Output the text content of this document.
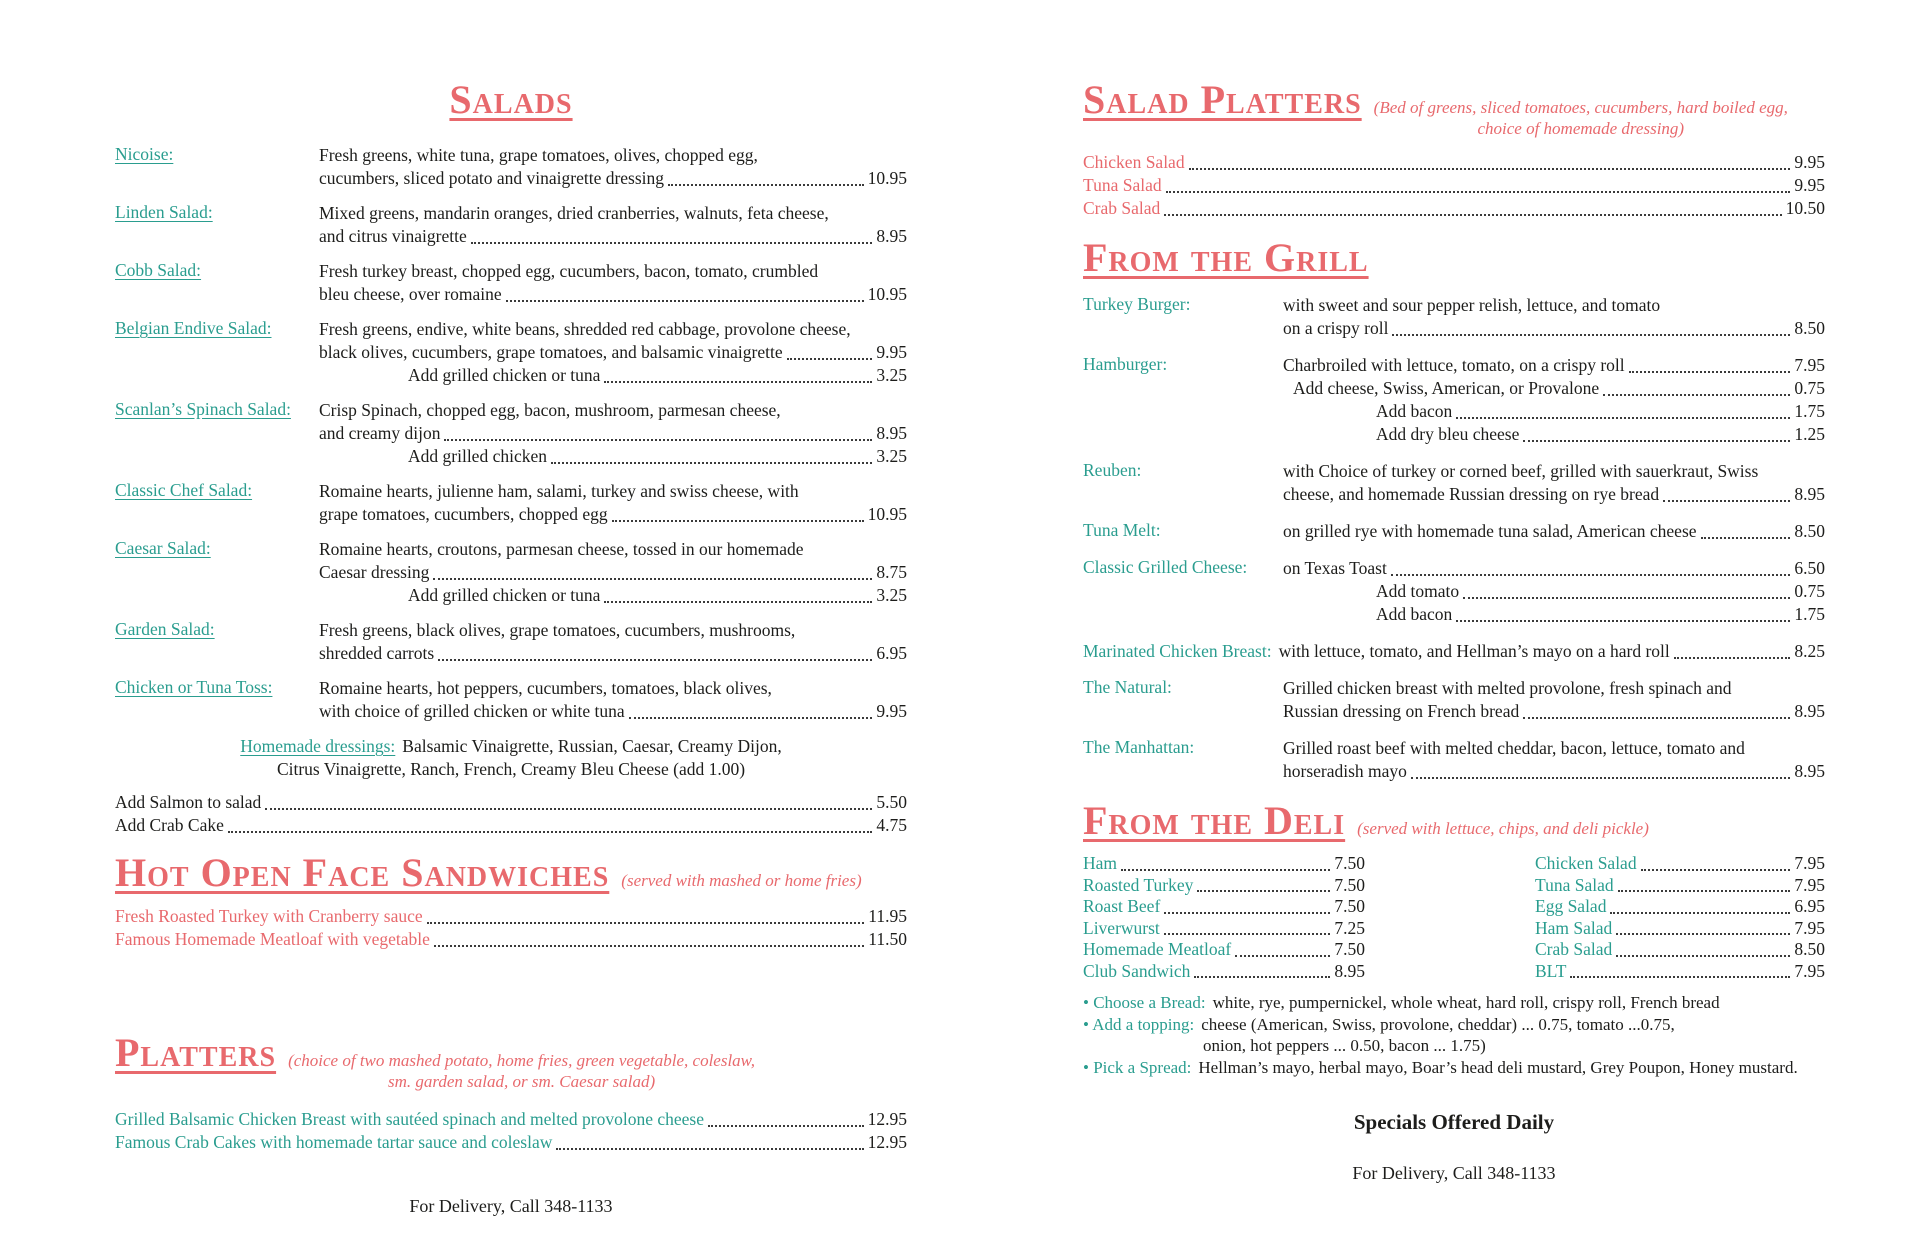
Salads
Nicoise:	Fresh greens, white tuna, grape tomatoes, olives, chopped egg,
cucumbers, sliced potato and vinaigrette dressing	10.95
Linden Salad:	Mixed greens, mandarin oranges, dried cranberries, walnuts, feta cheese,
and citrus vinaigrette	8.95
Cobb Salad:	Fresh turkey breast, chopped egg, cucumbers, bacon, tomato, crumbled
bleu cheese, over romaine	10.95
Belgian Endive Salad:	Fresh greens, endive, white beans, shredded red cabbage, provolone cheese,
black olives, cucumbers, grape tomatoes, and balsamic vinaigrette	9.95
Add grilled chicken or tuna	3.25
Scanlan’s Spinach Salad:	Crisp Spinach, chopped egg, bacon, mushroom, parmesan cheese,
and creamy dijon	8.95
Add grilled chicken	3.25
Classic Chef Salad:	Romaine hearts, julienne ham, salami, turkey and swiss cheese, with
grape tomatoes, cucumbers, chopped egg	10.95
Caesar Salad:	Romaine hearts, croutons, parmesan cheese, tossed in our homemade
Caesar dressing	8.75
Add grilled chicken or tuna	3.25
Garden Salad:	Fresh greens, black olives, grape tomatoes, cucumbers, mushrooms,
shredded carrots	6.95
Chicken or Tuna Toss:	Romaine hearts, hot peppers, cucumbers, tomatoes, black olives,
with choice of grilled chicken or white tuna	9.95
Homemade dressings: Balsamic Vinaigrette, Russian, Caesar, Creamy Dijon,
Citrus Vinaigrette, Ranch, French, Creamy Bleu Cheese (add 1.00)
Add Salmon to salad	5.50
Add Crab Cake	4.75
Hot Open Face Sandwiches (served with mashed or home fries)
Fresh Roasted Turkey with Cranberry sauce	11.95
Famous Homemade Meatloaf with vegetable	11.50
Platters (choice of two mashed potato, home fries, green vegetable, coleslaw,
sm. garden salad, or sm. Caesar salad)
Grilled Balsamic Chicken Breast with sautéed spinach and melted provolone cheese	12.95
Famous Crab Cakes with homemade tartar sauce and coleslaw	12.95
For Delivery, Call 348-1133
Salad Platters (Bed of greens, sliced tomatoes, cucumbers, hard boiled egg,
choice of homemade dressing)
Chicken Salad	9.95
Tuna Salad	9.95
Crab Salad	10.50
From the Grill
Turkey Burger:	with sweet and sour pepper relish, lettuce, and tomato
on a crispy roll	8.50
Hamburger:	Charbroiled with lettuce, tomato, on a crispy roll	7.95
Add cheese, Swiss, American, or Provalone	0.75
Add bacon	1.75
Add dry bleu cheese	1.25
Reuben:	with Choice of turkey or corned beef, grilled with sauerkraut, Swiss
cheese, and homemade Russian dressing on rye bread	8.95
Tuna Melt:	on grilled rye with homemade tuna salad, American cheese	8.50
Classic Grilled Cheese:	on Texas Toast	6.50
Add tomato	0.75
Add bacon	1.75
Marinated Chicken Breast: with lettuce, tomato, and Hellman’s mayo on a hard roll	8.25
The Natural:	Grilled chicken breast with melted provolone, fresh spinach and
Russian dressing on French bread	8.95
The Manhattan:	Grilled roast beef with melted cheddar, bacon, lettuce, tomato and
horseradish mayo	8.95
From the Deli (served with lettuce, chips, and deli pickle)
Ham	7.50
Roasted Turkey	7.50
Roast Beef	7.50
Liverwurst	7.25
Homemade Meatloaf	7.50
Club Sandwich	8.95
Chicken Salad	7.95
Tuna Salad	7.95
Egg Salad	6.95
Ham Salad	7.95
Crab Salad	8.50
BLT	7.95
• Choose a Bread: white, rye, pumpernickel, whole wheat, hard roll, crispy roll, French bread
• Add a topping: cheese (American, Swiss, provolone, cheddar) ... 0.75, tomato ...0.75,
onion, hot peppers ... 0.50, bacon ... 1.75)
• Pick a Spread: Hellman’s mayo, herbal mayo, Boar’s head deli mustard, Grey Poupon, Honey mustard.
Specials Offered Daily
For Delivery, Call 348-1133
